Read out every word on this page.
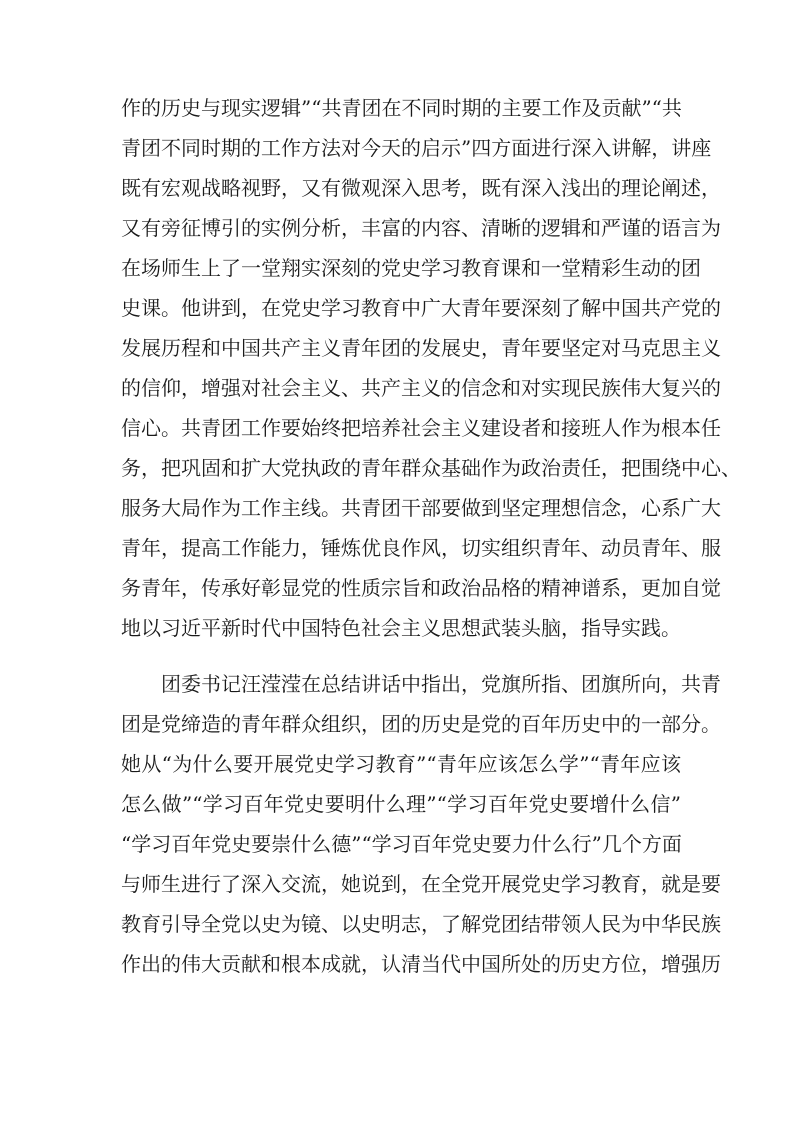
作的历史与现实逻辑”“共青团在不同时期的主要工作及贡献”“共
青团不同时期的工作方法对今天的启示”四方面进行深入讲解，讲座
既有宏观战略视野，又有微观深入思考，既有深入浅出的理论阐述，
又有旁征博引的实例分析，丰富的内容、清晰的逻辑和严谨的语言为
在场师生上了一堂翔实深刻的党史学习教育课和一堂精彩生动的团
史课。他讲到，在党史学习教育中广大青年要深刻了解中国共产党的
发展历程和中国共产主义青年团的发展史，青年要坚定对马克思主义
的信仰，增强对社会主义、共产主义的信念和对实现民族伟大复兴的
信心。共青团工作要始终把培养社会主义建设者和接班人作为根本任
务，把巩固和扩大党执政的青年群众基础作为政治责任，把围绕中心、
服务大局作为工作主线。共青团干部要做到坚定理想信念，心系广大
青年，提高工作能力，锤炼优良作风，切实组织青年、动员青年、服
务青年，传承好彰显党的性质宗旨和政治品格的精神谱系，更加自觉
地以习近平新时代中国特色社会主义思想武装头脑，指导实践。
团委书记汪滢滢在总结讲话中指出，党旗所指、团旗所向，共青
团是党缔造的青年群众组织，团的历史是党的百年历史中的一部分。
她从“为什么要开展党史学习教育”“青年应该怎么学”“青年应该
怎么做”“学习百年党史要明什么理”“学习百年党史要增什么信”
“学习百年党史要崇什么德”“学习百年党史要力什么行”几个方面
与师生进行了深入交流，她说到，在全党开展党史学习教育，就是要
教育引导全党以史为镜、以史明志，了解党团结带领人民为中华民族
作出的伟大贡献和根本成就，认清当代中国所处的历史方位，增强历
